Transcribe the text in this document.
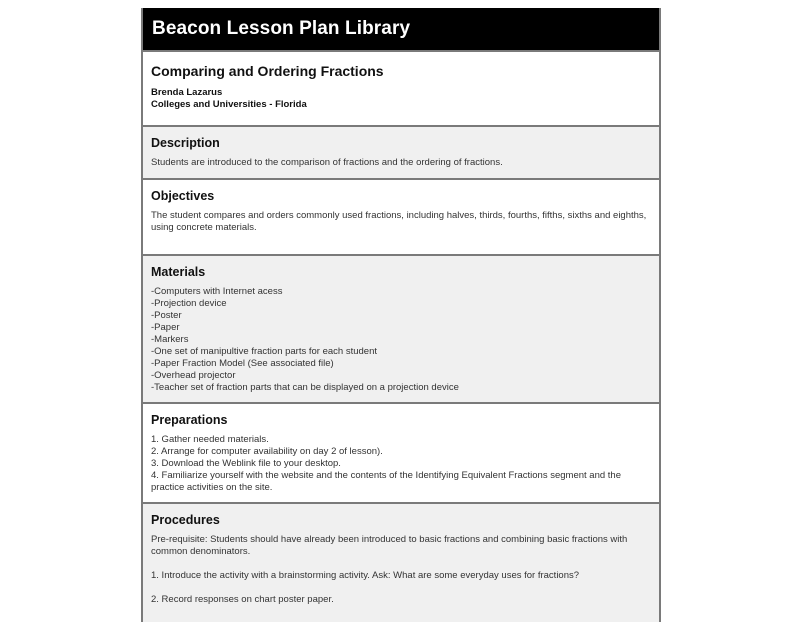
Beacon Lesson Plan Library
Comparing and Ordering Fractions
Brenda Lazarus
Colleges and Universities - Florida
Description

Students are introduced to the comparison of fractions and the ordering of fractions.

Objectives

The student compares and orders commonly used fractions, including halves, thirds, fourths, fifths, sixths and eighths, using concrete materials.

Materials
-Computers with Internet acess
-Projection device
-Poster
-Paper
-Markers
-One set of manipultive fraction parts for each student
-Paper Fraction Model (See associated file)
-Overhead projector
-Teacher set of fraction parts that can be displayed on a projection device
Preparations
1. Gather needed materials.
2. Arrange for computer availability on day 2 of lesson).
3. Download the Weblink file to your desktop.
4. Familiarize yourself with the website and the contents of the Identifying Equivalent Fractions segment and the practice activities on the site.
Procedures

Pre-requisite: Students should have already been introduced to basic fractions and combining basic fractions with common denominators.

1. Introduce the activity with a brainstorming activity. Ask: What are some everyday uses for fractions?

2. Record responses on chart poster paper.
